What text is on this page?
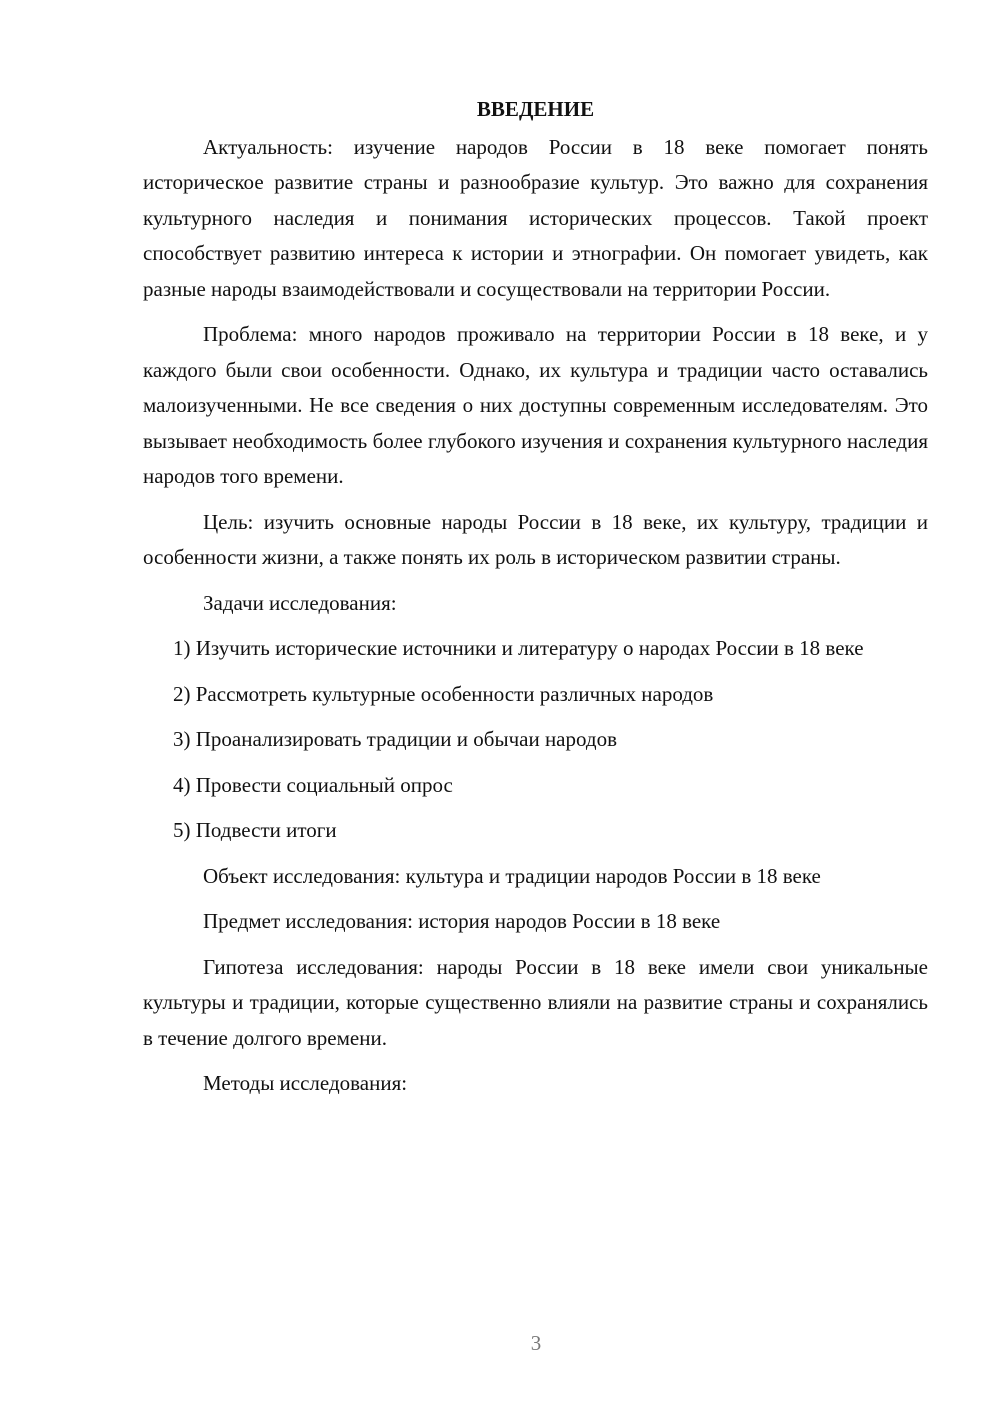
ВВЕДЕНИЕ

Актуальность: изучение народов России в 18 веке помогает понять историческое развитие страны и разнообразие культур. Это важно для сохранения культурного наследия и понимания исторических процессов. Такой проект способствует развитию интереса к истории и этнографии. Он помогает увидеть, как разные народы взаимодействовали и сосуществовали на территории России.

Проблема: много народов проживало на территории России в 18 веке, и у каждого были свои особенности. Однако, их культура и традиции часто оставались малоизученными. Не все сведения о них доступны современным исследователям. Это вызывает необходимость более глубокого изучения и сохранения культурного наследия народов того времени.

Цель: изучить основные народы России в 18 веке, их культуру, традиции и особенности жизни, а также понять их роль в историческом развитии страны.

Задачи исследования:

1) Изучить исторические источники и литературу о народах России в 18 веке

2) Рассмотреть культурные особенности различных народов

3) Проанализировать традиции и обычаи народов

4) Провести социальный опрос

5) Подвести итоги

Объект исследования: культура и традиции народов России в 18 веке

Предмет исследования: история народов России в 18 веке

Гипотеза исследования: народы России в 18 веке имели свои уникальные культуры и традиции, которые существенно влияли на развитие страны и сохранялись в течение долгого времени.

Методы исследования:

3
